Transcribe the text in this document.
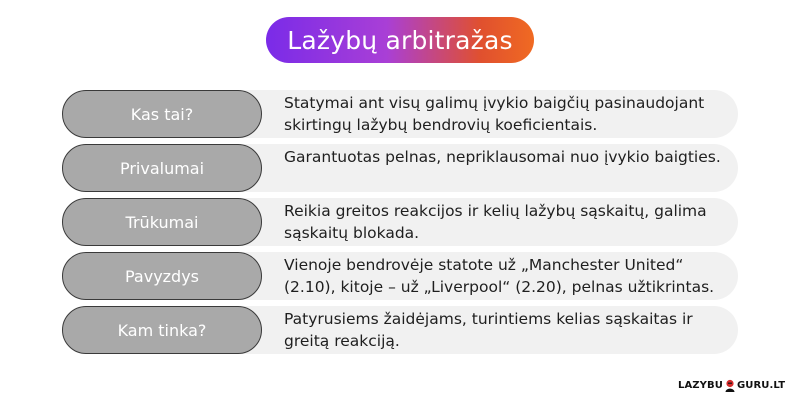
Lažybų arbitražas
Kas tai?
Statymai ant visų galimų įvykio baigčių pasinaudojant skirtingų lažybų bendrovių koeficientais.
Privalumai
Garantuotas pelnas, nepriklausomai nuo įvykio baigties.
Trūkumai
Reikia greitos reakcijos ir kelių lažybų sąskaitų, galima sąskaitų blokada.
Pavyzdys
Vienoje bendrovėje statote už „Manchester United“ (2.10), kitoje – už „Liverpool“ (2.20), pelnas užtikrintas.
Kam tinka?
Patyrusiems žaidėjams, turintiems kelias sąskaitas ir greitą reakciją.
LAZYBU GURU.LT
